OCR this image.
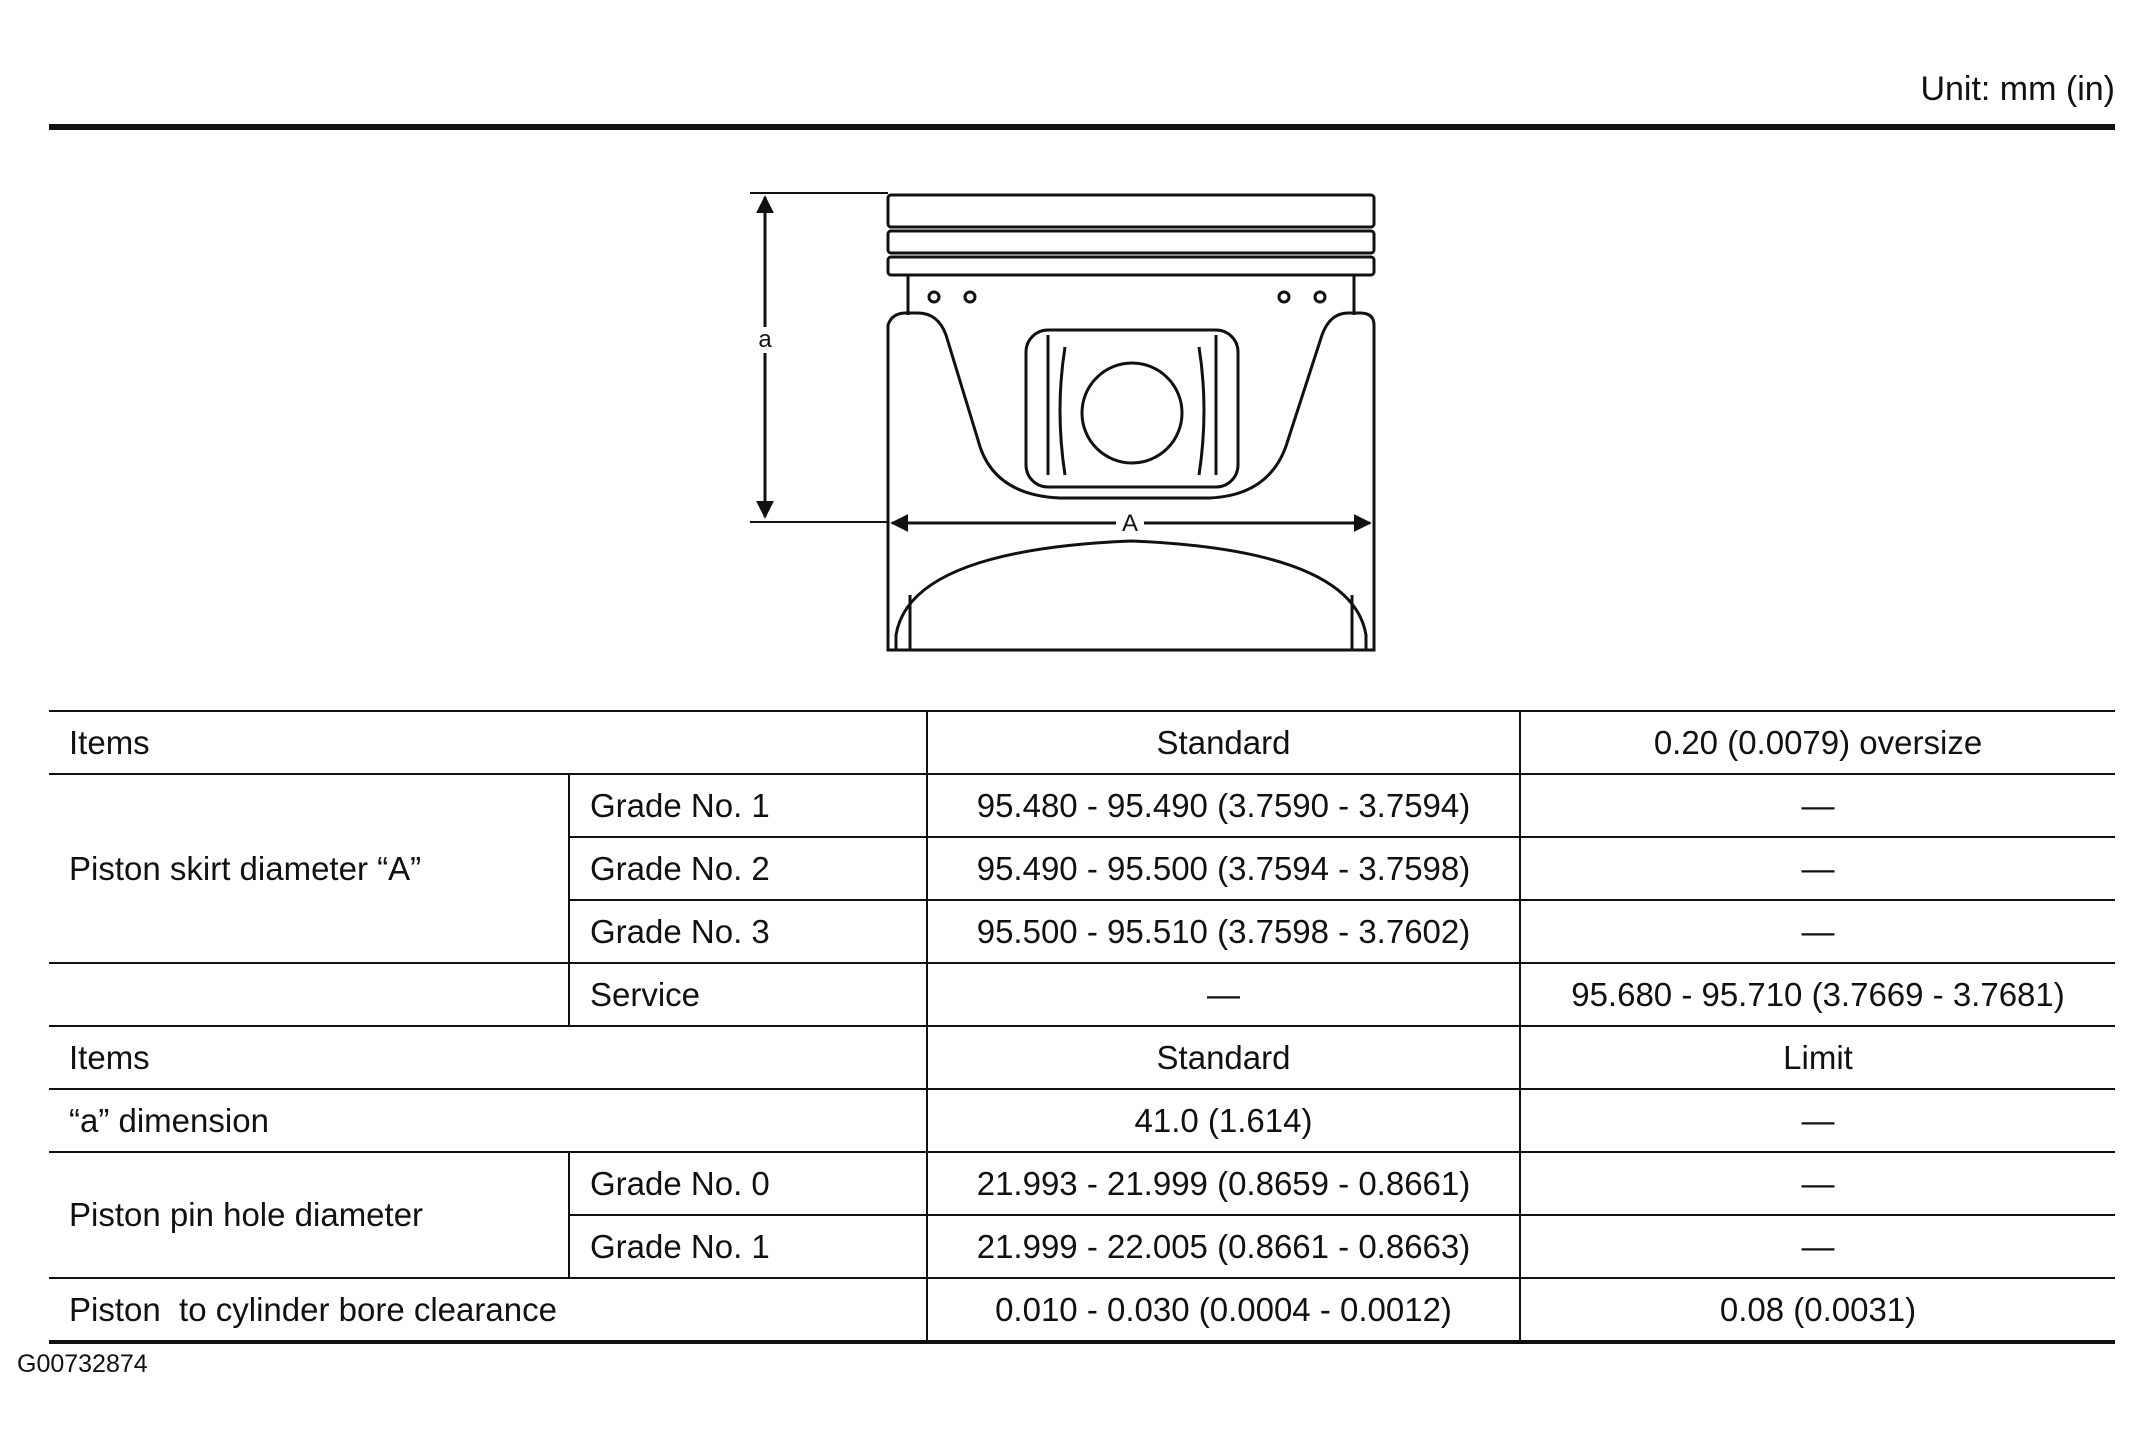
Unit: mm (in)
a
A
Items		Standard	0.20 (0.0079) oversize
Piston skirt diameter “A”	Grade No. 1	95.480 - 95.490 (3.7590 - 3.7594)	—
	Grade No. 2	95.490 - 95.500 (3.7594 - 3.7598)	—
	Grade No. 3	95.500 - 95.510 (3.7598 - 3.7602)	—
	Service	—	95.680 - 95.710 (3.7669 - 3.7681)
Items		Standard	Limit
“a” dimension		41.0 (1.614)	—
Piston pin hole diameter	Grade No. 0	21.993 - 21.999 (0.8659 - 0.8661)	—
	Grade No. 1	21.999 - 22.005 (0.8661 - 0.8663)	—
Piston  to cylinder bore clearance		0.010 - 0.030 (0.0004 - 0.0012)	0.08 (0.0031)
G00732874
